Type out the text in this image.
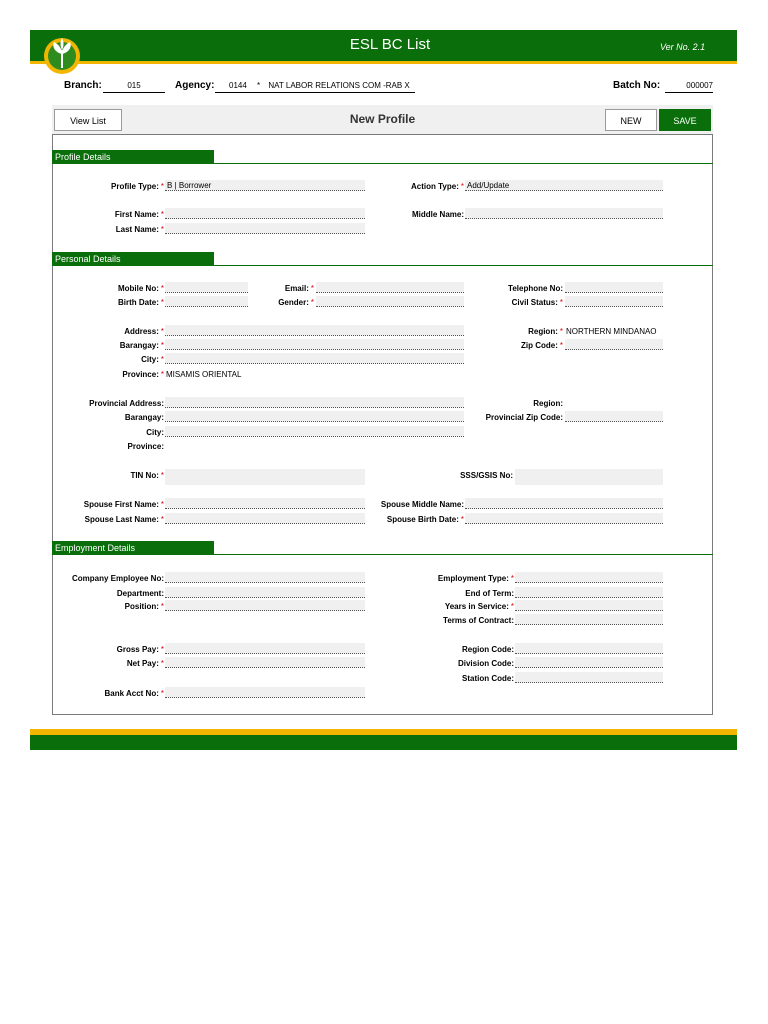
ESL BC List	Ver No. 2.1
Branch:	015	Agency:	0144 * NAT LABOR RELATIONS COM -RAB X	Batch No:	000007
View List	New Profile	NEW	SAVE
Profile Details
Profile Type: * B | Borrower	Action Type: * Add/Update
First Name: *	Middle Name:
Last Name: *
Personal Details
Mobile No: *	Email: *	Telephone No:
Birth Date: *	Gender: *	Civil Status: *
Address: *	Region: * NORTHERN MINDANAO
Barangay: *	Zip Code: *
City: *
Province: * MISAMIS ORIENTAL
Provincial Address:	Region:
Barangay:	Provincial Zip Code:
City:
Province:
TIN No: *	SSS/GSIS No:
Spouse First Name: *	Spouse Middle Name:
Spouse Last Name: *	Spouse Birth Date: *
Employment Details
Company Employee No:	Employment Type: *
Department:	End of Term:
Position: *	Years in Service: *
Terms of Contract:
Gross Pay: *	Region Code:
Net Pay: *	Division Code:
Station Code:
Bank Acct No: *
